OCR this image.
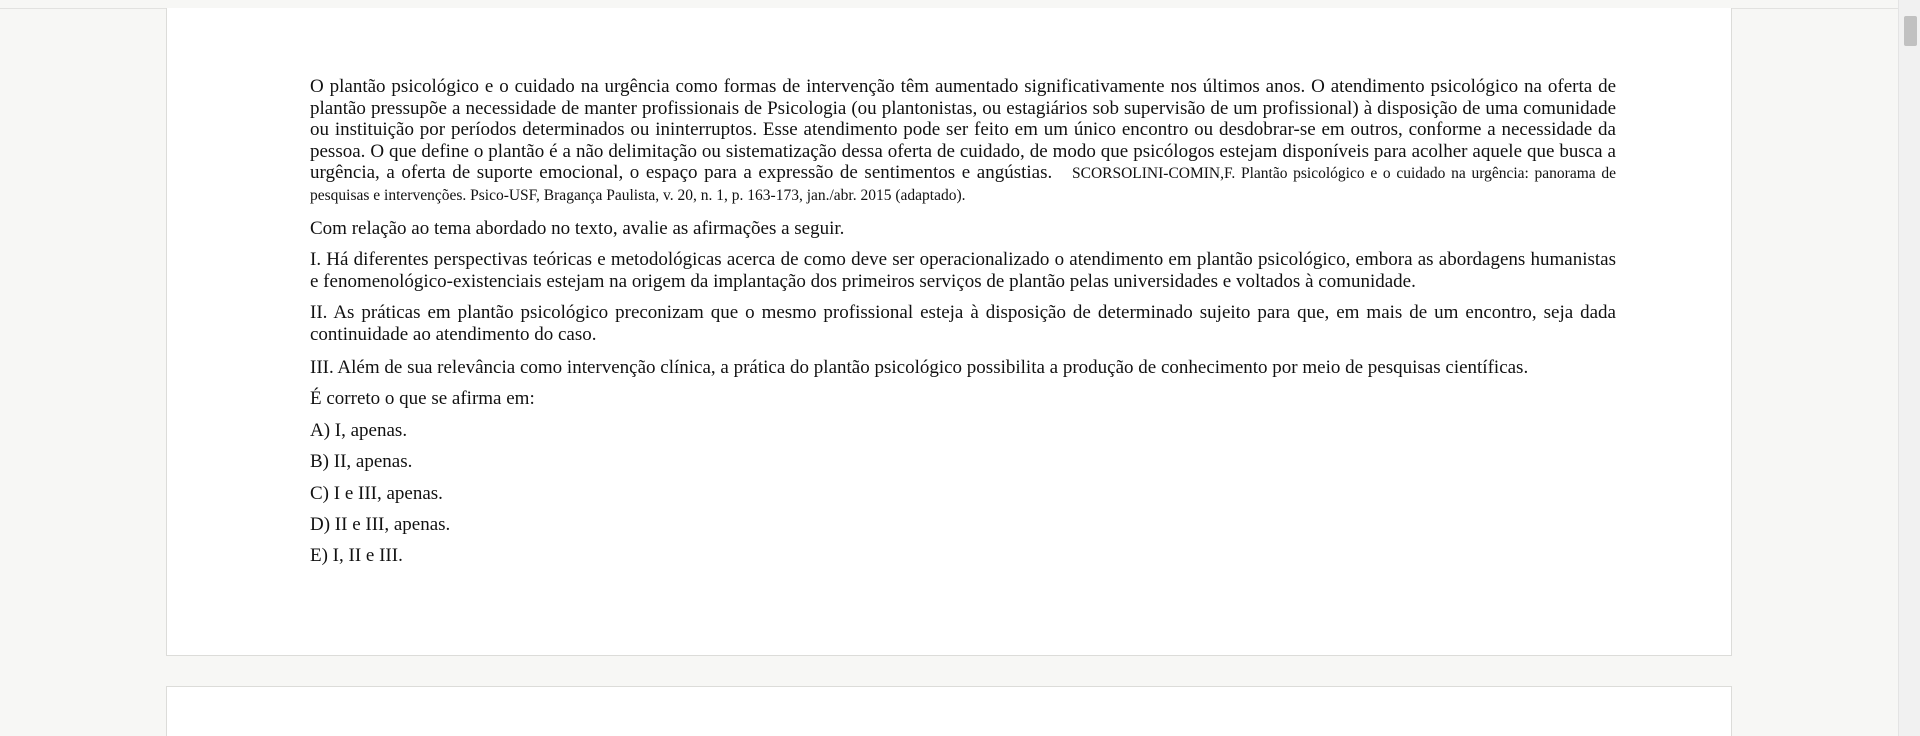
O plantão psicológico e o cuidado na urgência como formas de intervenção têm aumentado significativamente nos últimos anos. O atendimento psicológico na oferta de plantão pressupõe a necessidade de manter profissionais de Psicologia (ou plantonistas, ou estagiários sob supervisão de um profissional) à disposição de uma comunidade ou instituição por períodos determinados ou ininterruptos. Esse atendimento pode ser feito em um único encontro ou desdobrar-se em outros, conforme a necessidade da pessoa. O que define o plantão é a não delimitação ou sistematização dessa oferta de cuidado, de modo que psicólogos estejam disponíveis para acolher aquele que busca a urgência, a oferta de suporte emocional, o espaço para a expressão de sentimentos e angústias. SCORSOLINI-COMIN,F. Plantão psicológico e o cuidado na urgência: panorama de pesquisas e intervenções. Psico-USF, Bragança Paulista, v. 20, n. 1, p. 163-173, jan./abr. 2015 (adaptado).

Com relação ao tema abordado no texto, avalie as afirmações a seguir.

I. Há diferentes perspectivas teóricas e metodológicas acerca de como deve ser operacionalizado o atendimento em plantão psicológico, embora as abordagens humanistas e fenomenológico-existenciais estejam na origem da implantação dos primeiros serviços de plantão pelas universidades e voltados à comunidade.

II. As práticas em plantão psicológico preconizam que o mesmo profissional esteja à disposição de determinado sujeito para que, em mais de um encontro, seja dada continuidade ao atendimento do caso.

III. Além de sua relevância como intervenção clínica, a prática do plantão psicológico possibilita a produção de conhecimento por meio de pesquisas científicas.

É correto o que se afirma em:

A) I, apenas.
B) II, apenas.
C) I e III, apenas.
D) II e III, apenas.
E) I, II e III.
